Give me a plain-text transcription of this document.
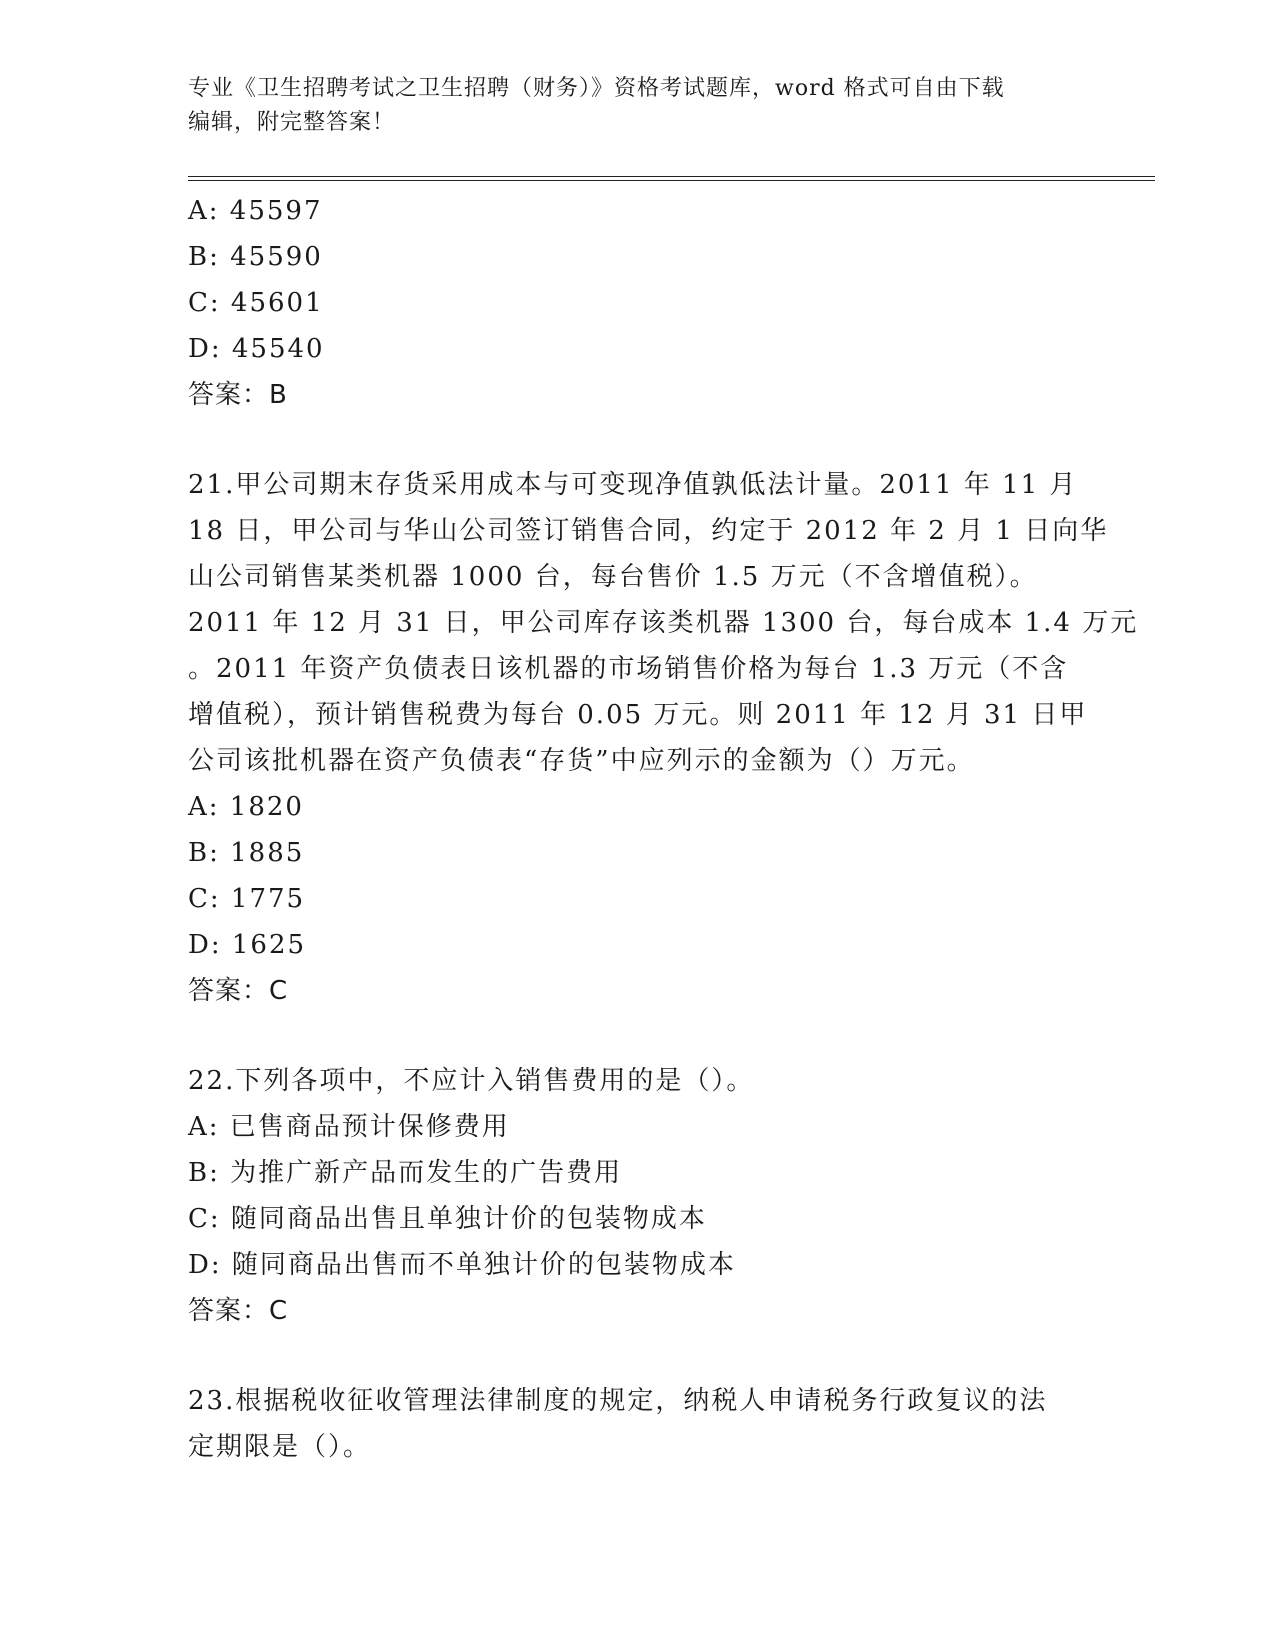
专业《卫生招聘考试之卫生招聘（财务）》资格考试题库，word 格式可自由下载
编辑，附完整答案！
A: 45597
B: 45590
C: 45601
D: 45540
答案：B
21.甲公司期末存货采用成本与可变现净值孰低法计量。2011 年 11 月
18 日，甲公司与华山公司签订销售合同，约定于 2012 年 2 月 1 日向华
山公司销售某类机器 1000 台，每台售价 1.5 万元（不含增值税）。
2011 年 12 月 31 日，甲公司库存该类机器 1300 台，每台成本 1.4 万元
。2011 年资产负债表日该机器的市场销售价格为每台 1.3 万元（不含
增值税），预计销售税费为每台 0.05 万元。则 2011 年 12 月 31 日甲
公司该批机器在资产负债表“存货”中应列示的金额为（）万元。
A: 1820
B: 1885
C: 1775
D: 1625
答案：C
22.下列各项中，不应计入销售费用的是（）。
A: 已售商品预计保修费用
B: 为推广新产品而发生的广告费用
C: 随同商品出售且单独计价的包装物成本
D: 随同商品出售而不单独计价的包装物成本
答案：C
23.根据税收征收管理法律制度的规定，纳税人申请税务行政复议的法
定期限是（）。
